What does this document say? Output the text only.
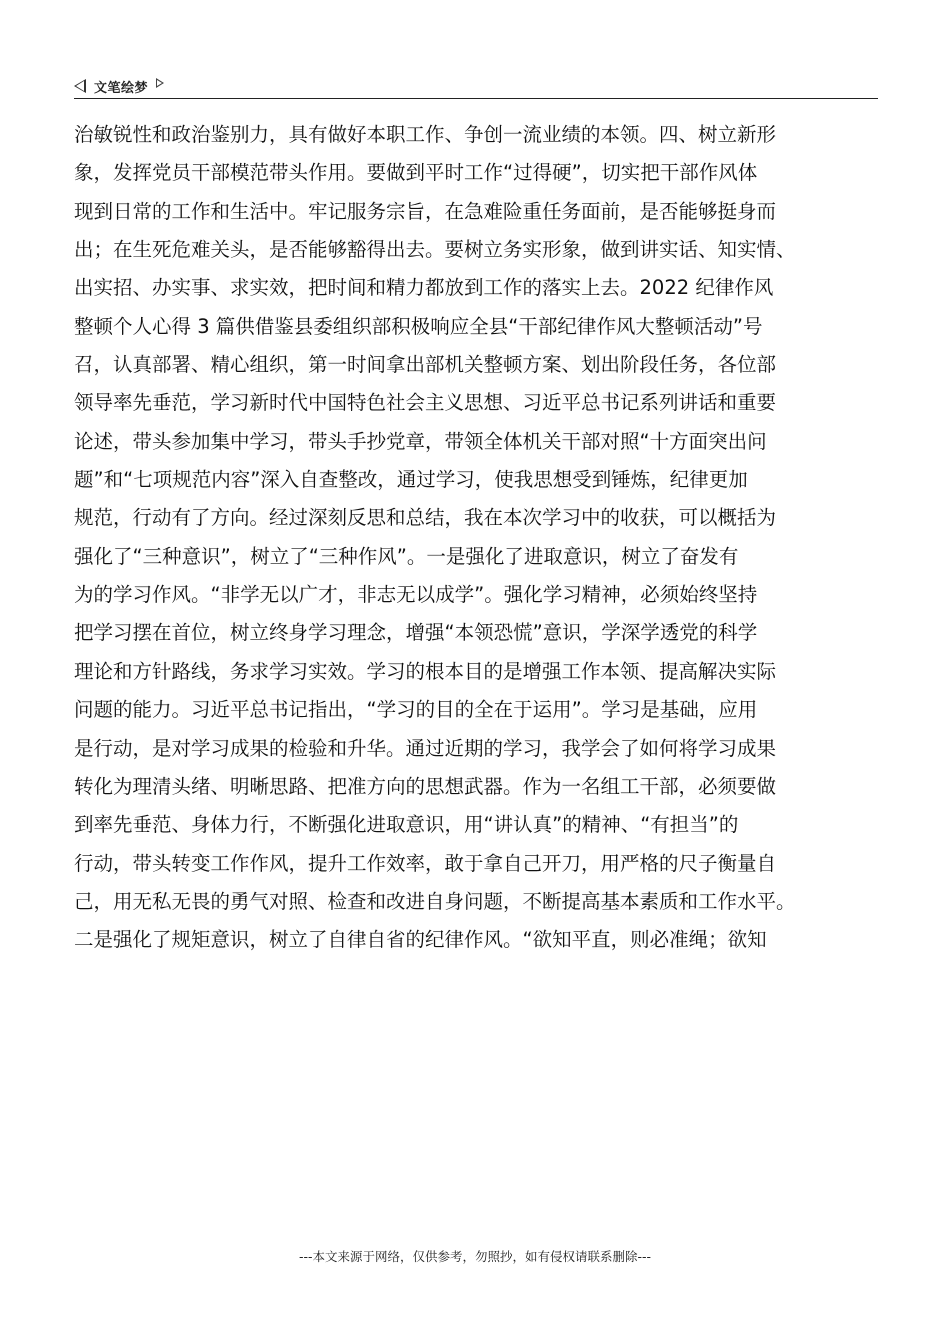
文笔绘梦
治敏锐性和政治鉴别力，具有做好本职工作、争创一流业绩的本领。四、树立新形
象，发挥党员干部模范带头作用。要做到平时工作“过得硬”，切实把干部作风体
现到日常的工作和生活中。牢记服务宗旨，在急难险重任务面前，是否能够挺身而
出；在生死危难关头，是否能够豁得出去。要树立务实形象，做到讲实话、知实情、
出实招、办实事、求实效，把时间和精力都放到工作的落实上去。2022 纪律作风
整顿个人心得 3 篇供借鉴县委组织部积极响应全县“干部纪律作风大整顿活动”号
召，认真部署、精心组织，第一时间拿出部机关整顿方案、划出阶段任务，各位部
领导率先垂范，学习新时代中国特色社会主义思想、习近平总书记系列讲话和重要
论述，带头参加集中学习，带头手抄党章，带领全体机关干部对照“十方面突出问
题”和“七项规范内容”深入自查整改，通过学习，使我思想受到锤炼，纪律更加
规范，行动有了方向。经过深刻反思和总结，我在本次学习中的收获，可以概括为
强化了“三种意识”，树立了“三种作风”。一是强化了进取意识，树立了奋发有
为的学习作风。“非学无以广才，非志无以成学”。强化学习精神，必须始终坚持
把学习摆在首位，树立终身学习理念，增强“本领恐慌”意识，学深学透党的科学
理论和方针路线，务求学习实效。学习的根本目的是增强工作本领、提高解决实际
问题的能力。习近平总书记指出，“学习的目的全在于运用”。学习是基础，应用
是行动，是对学习成果的检验和升华。通过近期的学习，我学会了如何将学习成果
转化为理清头绪、明晰思路、把准方向的思想武器。作为一名组工干部，必须要做
到率先垂范、身体力行，不断强化进取意识，用“讲认真”的精神、“有担当”的
行动，带头转变工作作风，提升工作效率，敢于拿自己开刀，用严格的尺子衡量自
己，用无私无畏的勇气对照、检查和改进自身问题，不断提高基本素质和工作水平。
二是强化了规矩意识，树立了自律自省的纪律作风。“欲知平直，则必准绳；欲知
---本文来源于网络，仅供参考，勿照抄，如有侵权请联系删除---
